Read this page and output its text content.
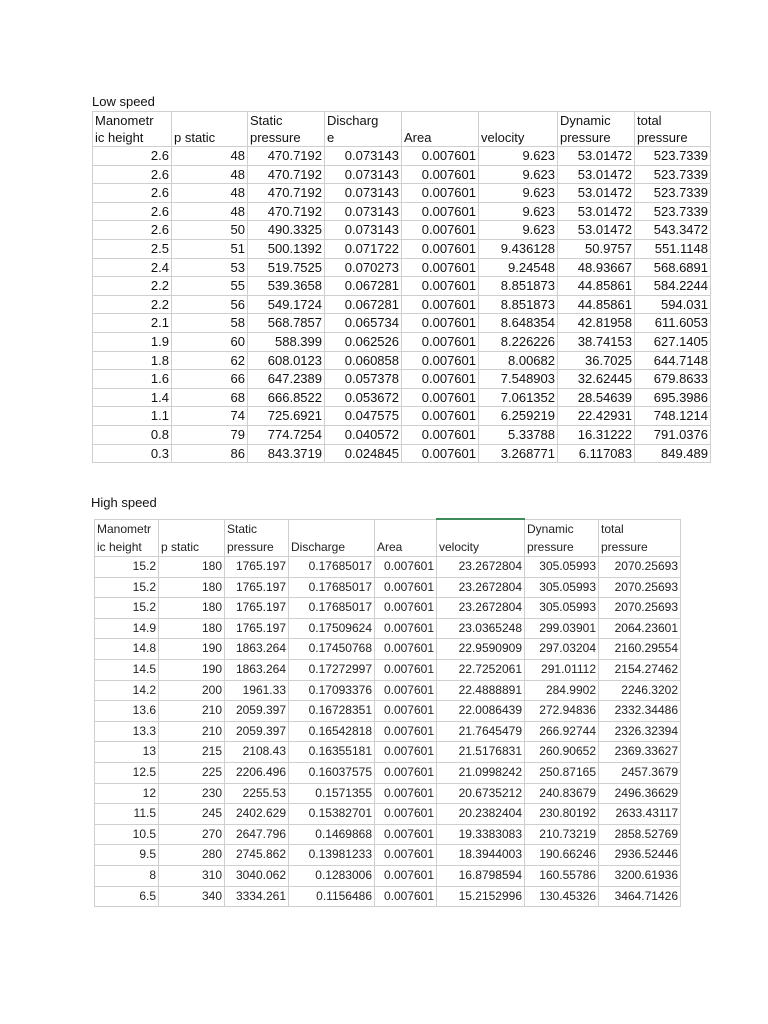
Low speed
Manometr		Static	Discharg			Dynamic	total
ic height	p static	pressure	e	Area	velocity	pressure	pressure
2.6	48	470.7192	0.073143	0.007601	9.623	53.01472	523.7339
2.6	48	470.7192	0.073143	0.007601	9.623	53.01472	523.7339
2.6	48	470.7192	0.073143	0.007601	9.623	53.01472	523.7339
2.6	48	470.7192	0.073143	0.007601	9.623	53.01472	523.7339
2.6	50	490.3325	0.073143	0.007601	9.623	53.01472	543.3472
2.5	51	500.1392	0.071722	0.007601	9.436128	50.9757	551.1148
2.4	53	519.7525	0.070273	0.007601	9.24548	48.93667	568.6891
2.2	55	539.3658	0.067281	0.007601	8.851873	44.85861	584.2244
2.2	56	549.1724	0.067281	0.007601	8.851873	44.85861	594.031
2.1	58	568.7857	0.065734	0.007601	8.648354	42.81958	611.6053
1.9	60	588.399	0.062526	0.007601	8.226226	38.74153	627.1405
1.8	62	608.0123	0.060858	0.007601	8.00682	36.7025	644.7148
1.6	66	647.2389	0.057378	0.007601	7.548903	32.62445	679.8633
1.4	68	666.8522	0.053672	0.007601	7.061352	28.54639	695.3986
1.1	74	725.6921	0.047575	0.007601	6.259219	22.42931	748.1214
0.8	79	774.7254	0.040572	0.007601	5.33788	16.31222	791.0376
0.3	86	843.3719	0.024845	0.007601	3.268771	6.117083	849.489
High speed
Manometr		Static				Dynamic	total
ic height	p static	pressure	Discharge	Area	velocity	pressure	pressure
15.2	180	1765.197	0.17685017	0.007601	23.2672804	305.05993	2070.25693
15.2	180	1765.197	0.17685017	0.007601	23.2672804	305.05993	2070.25693
15.2	180	1765.197	0.17685017	0.007601	23.2672804	305.05993	2070.25693
14.9	180	1765.197	0.17509624	0.007601	23.0365248	299.03901	2064.23601
14.8	190	1863.264	0.17450768	0.007601	22.9590909	297.03204	2160.29554
14.5	190	1863.264	0.17272997	0.007601	22.7252061	291.01112	2154.27462
14.2	200	1961.33	0.17093376	0.007601	22.4888891	284.9902	2246.3202
13.6	210	2059.397	0.16728351	0.007601	22.0086439	272.94836	2332.34486
13.3	210	2059.397	0.16542818	0.007601	21.7645479	266.92744	2326.32394
13	215	2108.43	0.16355181	0.007601	21.5176831	260.90652	2369.33627
12.5	225	2206.496	0.16037575	0.007601	21.0998242	250.87165	2457.3679
12	230	2255.53	0.1571355	0.007601	20.6735212	240.83679	2496.36629
11.5	245	2402.629	0.15382701	0.007601	20.2382404	230.80192	2633.43117
10.5	270	2647.796	0.1469868	0.007601	19.3383083	210.73219	2858.52769
9.5	280	2745.862	0.13981233	0.007601	18.3944003	190.66246	2936.52446
8	310	3040.062	0.1283006	0.007601	16.8798594	160.55786	3200.61936
6.5	340	3334.261	0.1156486	0.007601	15.2152996	130.45326	3464.71426
